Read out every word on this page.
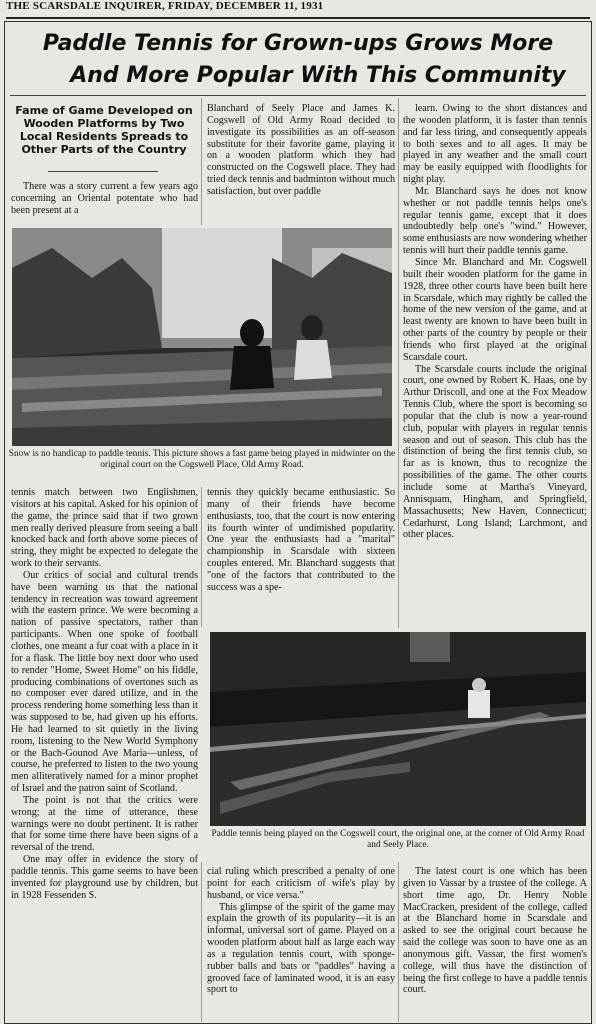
THE SCARSDALE INQUIRER, FRIDAY, DECEMBER 11, 1931
Paddle Tennis for Grown-ups Grows More
And More Popular With This Community
Fame of Game Developed on Wooden Platforms by Two Local Residents Spreads to Other Parts of the Country

There was a story current a few years ago concerning an Oriental potentate who had been present at a

Blanchard of Seely Place and James K. Cogswell of Old Army Road decided to investigate its possibilities as an off-season substitute for their favorite game, playing it on a wooden platform which they had constructed on the Cogswell place. They had tried deck tennis and badminton without much satisfaction, but over paddle

learn. Owing to the short distances and the wooden platform, it is faster than tennis and far less tiring, and consequently appeals to both sexes and to all ages. It may be played in any weather and the small court may be easily equipped with floodlights for night play.

Mr. Blanchard says he does not know whether or not paddle tennis helps one's regular tennis game, except that it does undoubtedly help one's "wind." However, some enthusiasts are now wondering whether tennis will hurt their paddle tennis game.

Since Mr. Blanchard and Mr. Cogswell built their wooden platform for the game in 1928, three other courts have been built here in Scarsdale, which may rightly be called the home of the new version of the game, and at least twenty are known to have been built in other parts of the country by people or their friends who first played at the original Scarsdale court.

The Scarsdale courts include the original court, one owned by Robert K. Haas, one by Arthur Driscoll, and one at the Fox Meadow Tennis Club, where the sport is becoming so popular that the club is now a year-round club, popular with players in regular tennis season and out of season. This club has the distinction of being the first tennis club, so far as is known, thus to recognize the possibilities of the game. The other courts include some at Martha's Vineyard, Annisquam, Hingham, and Springfield, Massachusetts; New Haven, Connecticut; Cedarhurst, Long Island; Larchmont, and other places.

Snow is no handicap to paddle tennis. This picture shows a fast game being played in midwinter on the original court on the Cogswell Place, Old Army Road.

tennis match between two Englishmen, visitors at his capital. Asked for his opinion of the game, the prince said that if two grown men really derived pleasure from seeing a ball knocked back and forth above some pieces of string, they might be expected to delegate the work to their servants.

Our critics of social and cultural trends have been warning us that the national tendency in recreation was toward agreement with the eastern prince. We were becoming a nation of passive spectators, rather than participants. When one spoke of football clothes, one meant a fur coat with a place in it for a flask. The little boy next door who used to render "Home, Sweet Home" on his fiddle, producing combinations of overtones such as no composer ever dared utilize, and in the process rendering home something less than it was supposed to be, had given up his efforts. He had learned to sit quietly in the living room, listening to the New World Symphony or the Bach-Gounod Ave Maria—unless, of course, he preferred to listen to the two young men alliteratively named for a minor prophet of Israel and the patron saint of Scotland.

The point is not that the critics were wrong; at the time of utterance, these warnings were no doubt pertinent. It is rather that for some time there have been signs of a reversal of the trend.

One may offer in evidence the story of paddle tennis. This game seems to have been invented for playground use by children, but in 1928 Fessenden S.

tennis they quickly became enthusiastic. So many of their friends have become enthusiasts, too, that the court is now entering its fourth winter of undimished popularity. One year the enthusiasts had a "marital" championship in Scarsdale with sixteen couples entered. Mr. Blanchard suggests that "one of the factors that contributed to the success was a spe-

Paddle tennis being played on the Cogswell court, the original one, at the corner of Old Army Road and Seely Place.

cial ruling which prescribed a penalty of one point for each criticism of wife's play by husband, or vice versa."

This glimpse of the spirit of the game may explain the growth of its popularity—it is an informal, universal sort of game. Played on a wooden platform about half as large each way as a regulation tennis court, with sponge-rubber balls and bats or "paddles" having a grooved face of laminated wood, it is an easy sport to

The latest court is one which has been given to Vassar by a trustee of the college. A short time ago, Dr. Henry Noble MacCracken, president of the college, called at the Blanchard home in Scarsdale and asked to see the original court because he said the college was soon to have one as an anonymous gift. Vassar, the first women's college, will thus have the distinction of being the first college to have a paddle tennis court.
